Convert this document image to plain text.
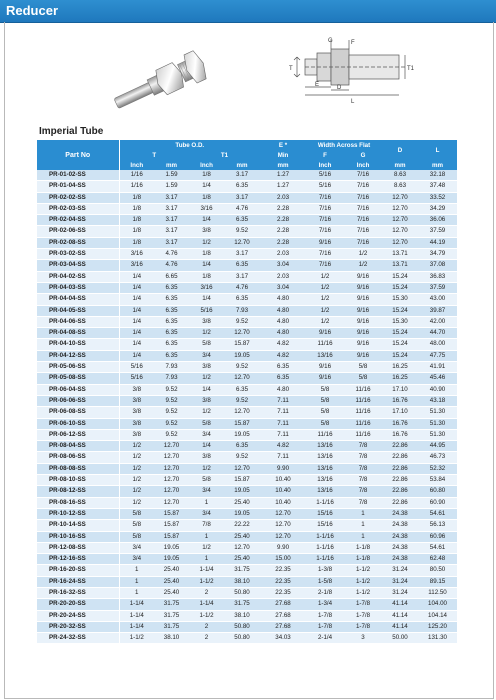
Reducer
G	F
T	T1
E	D
L
Imperial Tube
Part No	Tube O.D.				E *	Width Across Flat		D	L
	T		T1		Min	F	G		
	Inch	mm	Inch	mm	mm	Inch	Inch	mm	mm
PR-01-02-SS	1/16	1.59	1/8	3.17	1.27	5/16	7/16	8.63	32.18
PR-01-04-SS	1/16	1.59	1/4	6.35	1.27	5/16	7/16	8.63	37.48
PR-02-02-SS	1/8	3.17	1/8	3.17	2.03	7/16	7/16	12.70	33.52
PR-02-03-SS	1/8	3.17	3/16	4.76	2.28	7/16	7/16	12.70	34.29
PR-02-04-SS	1/8	3.17	1/4	6.35	2.28	7/16	7/16	12.70	36.06
PR-02-06-SS	1/8	3.17	3/8	9.52	2.28	7/16	7/16	12.70	37.59
PR-02-08-SS	1/8	3.17	1/2	12.70	2.28	9/16	7/16	12.70	44.19
PR-03-02-SS	3/16	4.76	1/8	3.17	2.03	7/16	1/2	13.71	34.79
PR-03-04-SS	3/16	4.76	1/4	6.35	3.04	7/16	1/2	13.71	37.08
PR-04-02-SS	1/4	6.65	1/8	3.17	2.03	1/2	9/16	15.24	36.83
PR-04-03-SS	1/4	6.35	3/16	4.76	3.04	1/2	9/16	15.24	37.59
PR-04-04-SS	1/4	6.35	1/4	6.35	4.80	1/2	9/16	15.30	43.00
PR-04-05-SS	1/4	6.35	5/16	7.93	4.80	1/2	9/16	15.24	39.87
PR-04-06-SS	1/4	6.35	3/8	9.52	4.80	1/2	9/16	15.30	42.00
PR-04-08-SS	1/4	6.35	1/2	12.70	4.80	9/16	9/16	15.24	44.70
PR-04-10-SS	1/4	6.35	5/8	15.87	4.82	11/16	9/16	15.24	48.00
PR-04-12-SS	1/4	6.35	3/4	19.05	4.82	13/16	9/16	15.24	47.75
PR-05-06-SS	5/16	7.93	3/8	9.52	6.35	9/16	5/8	16.25	41.91
PR-05-08-SS	5/16	7.93	1/2	12.70	6.35	9/16	5/8	16.25	45.46
PR-06-04-SS	3/8	9.52	1/4	6.35	4.80	5/8	11/16	17.10	40.90
PR-06-06-SS	3/8	9.52	3/8	9.52	7.11	5/8	11/16	16.76	43.18
PR-06-08-SS	3/8	9.52	1/2	12.70	7.11	5/8	11/16	17.10	51.30
PR-06-10-SS	3/8	9.52	5/8	15.87	7.11	5/8	11/16	16.76	51.30
PR-06-12-SS	3/8	9.52	3/4	19.05	7.11	11/16	11/16	16.76	51.30
PR-08-04-SS	1/2	12.70	1/4	6.35	4.82	13/16	7/8	22.86	44.95
PR-08-06-SS	1/2	12.70	3/8	9.52	7.11	13/16	7/8	22.86	46.73
PR-08-08-SS	1/2	12.70	1/2	12.70	9.90	13/16	7/8	22.86	52.32
PR-08-10-SS	1/2	12.70	5/8	15.87	10.40	13/16	7/8	22.86	53.84
PR-08-12-SS	1/2	12.70	3/4	19.05	10.40	13/16	7/8	22.86	60.80
PR-08-16-SS	1/2	12.70	1	25.40	10.40	1-1/16	7/8	22.86	60.90
PR-10-12-SS	5/8	15.87	3/4	19.05	12.70	15/16	1	24.38	54.61
PR-10-14-SS	5/8	15.87	7/8	22.22	12.70	15/16	1	24.38	56.13
PR-10-16-SS	5/8	15.87	1	25.40	12.70	1-1/16	1	24.38	60.96
PR-12-08-SS	3/4	19.05	1/2	12.70	9.90	1-1/16	1-1/8	24.38	54.61
PR-12-16-SS	3/4	19.05	1	25.40	15.00	1-1/16	1-1/8	24.38	62.48
PR-16-20-SS	1	25.40	1-1/4	31.75	22.35	1-3/8	1-1/2	31.24	80.50
PR-16-24-SS	1	25.40	1-1/2	38.10	22.35	1-5/8	1-1/2	31.24	89.15
PR-16-32-SS	1	25.40	2	50.80	22.35	2-1/8	1-1/2	31.24	112.50
PR-20-20-SS	1-1/4	31.75	1-1/4	31.75	27.68	1-3/4	1-7/8	41.14	104.00
PR-20-24-SS	1-1/4	31.75	1-1/2	38.10	27.68	1-7/8	1-7/8	41.14	104.14
PR-20-32-SS	1-1/4	31.75	2	50.80	27.68	1-7/8	1-7/8	41.14	125.20
PR-24-32-SS	1-1/2	38.10	2	50.80	34.03	2-1/4	3	50.00	131.30
